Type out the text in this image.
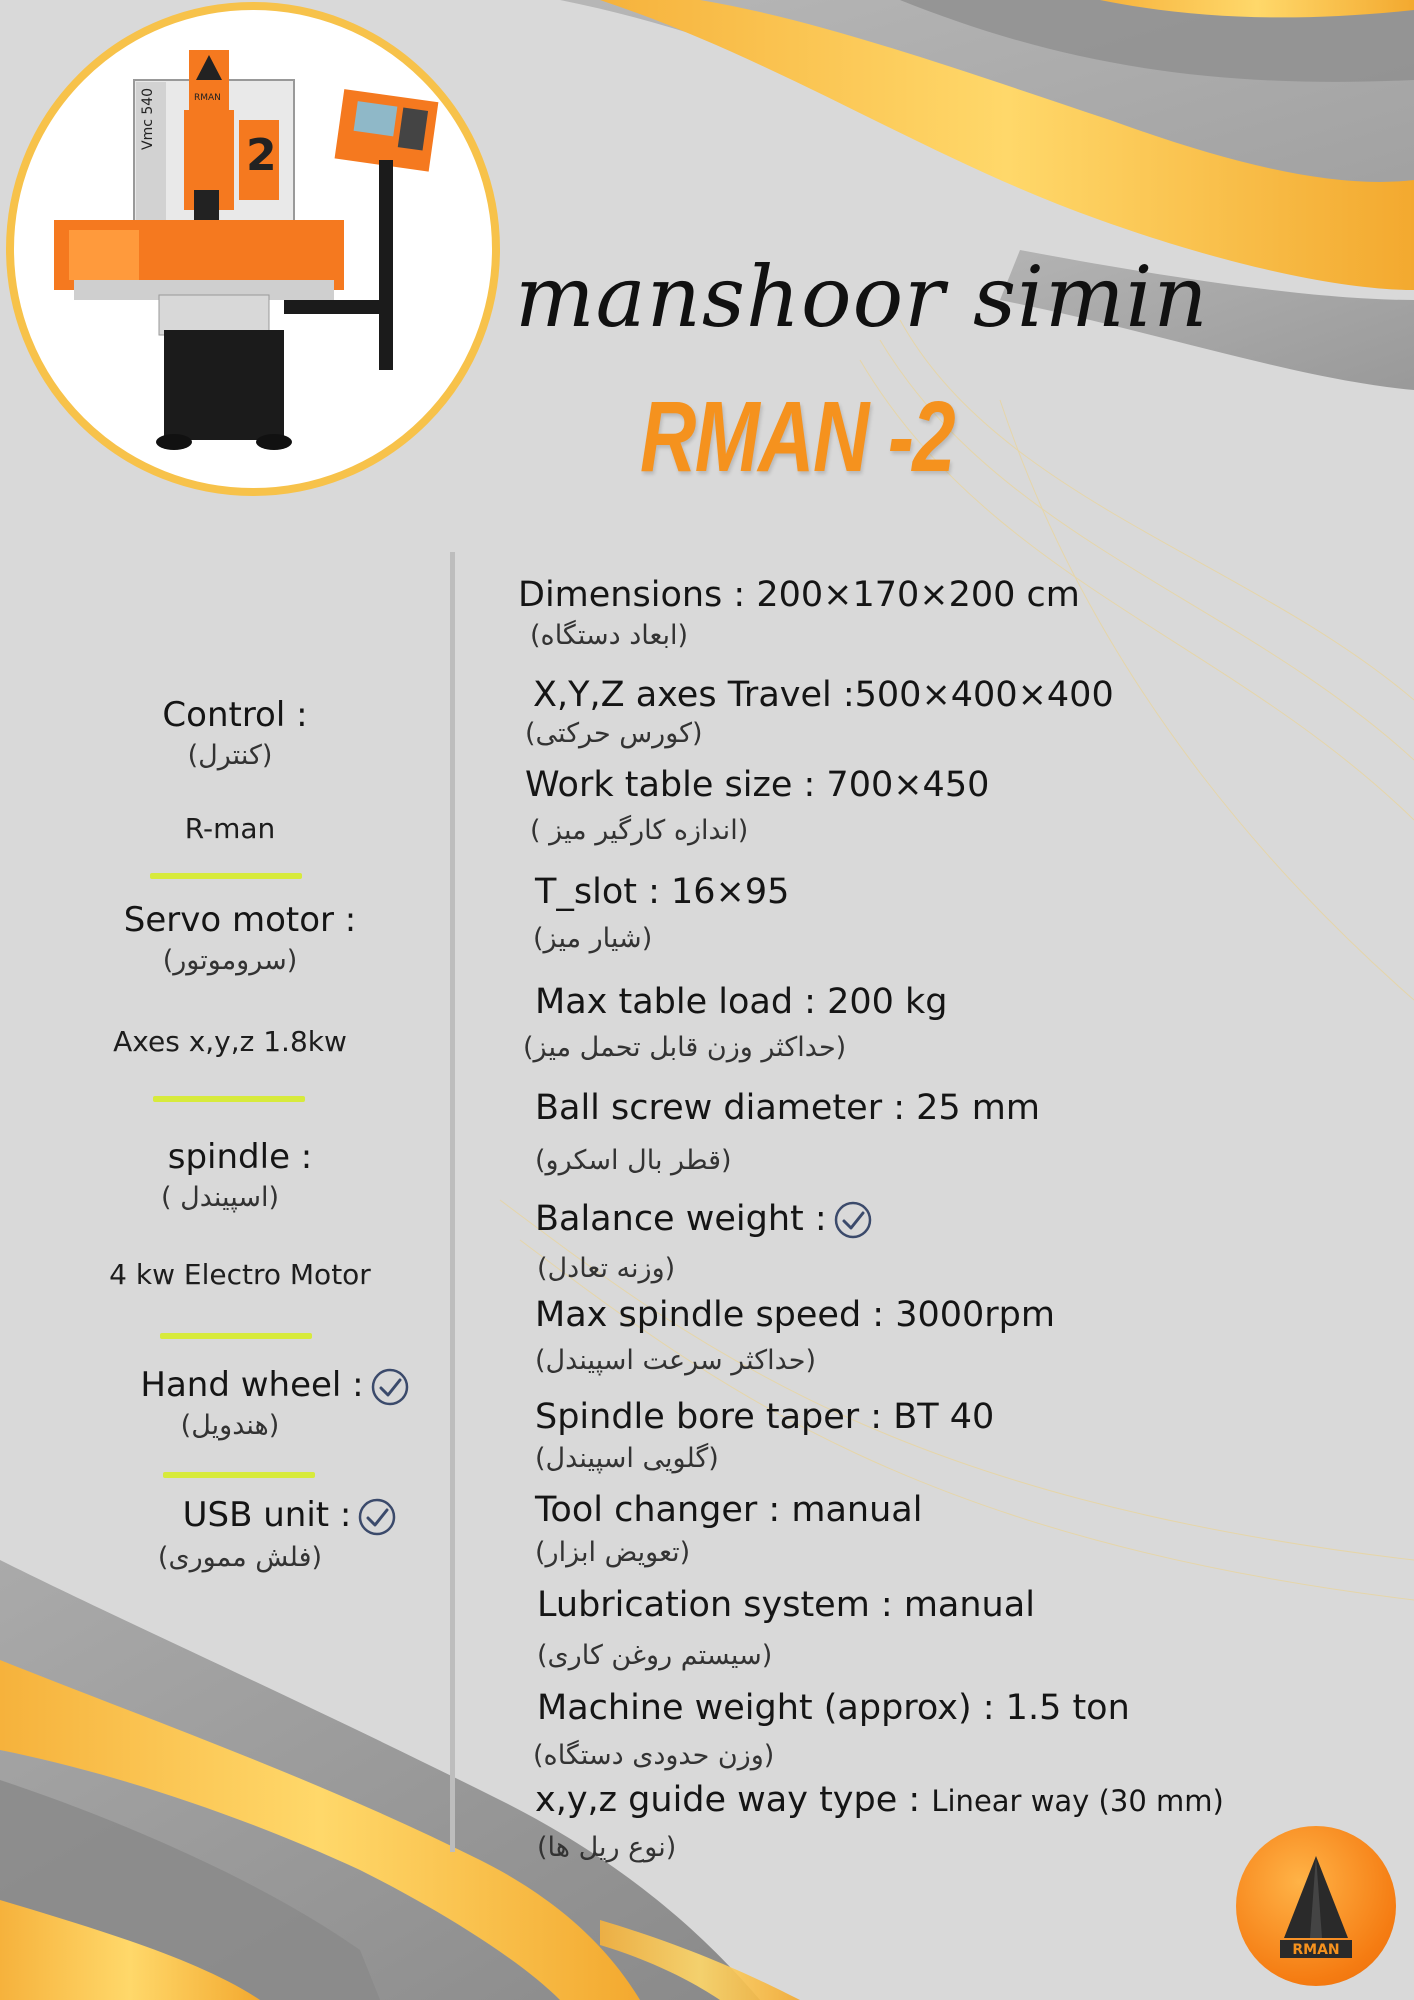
Vmc 540	RMAN
2
manshoor simin
RMAN -2
Control :
(کنترل)
R-man
Servo motor :
(سروموتور)
Axes x,y,z 1.8kw
spindle :
( اسپیندل)
4 kw Electro Motor
Hand wheel :
(هندویل)
USB unit :
(فلش مموری)
Dimensions : 200×170×200 cm
(ابعاد دستگاه)
X,Y,Z axes Travel :500×400×400
(کورس حرکتی)
Work table size : 700×450
( اندازه کارگیر میز)
T_slot : 16×95
(شیار میز)
Max table load : 200 kg
(حداکثر وزن قابل تحمل میز)
Ball screw diameter : 25 mm
(قطر بال اسکرو)
Balance weight :
(وزنه تعادل)
Max spindle speed : 3000rpm
(حداکثر سرعت اسپیندل)
Spindle bore taper : BT 40
(گلویی اسپیندل)
Tool changer : manual
(تعویض ابزار)
Lubrication system : manual
(سیستم روغن کاری)
Machine weight (approx) : 1.5 ton
(وزن حدودی دستگاه)
x,y,z guide way type : Linear way (30 mm)
(نوع ریل ها)
RMAN
